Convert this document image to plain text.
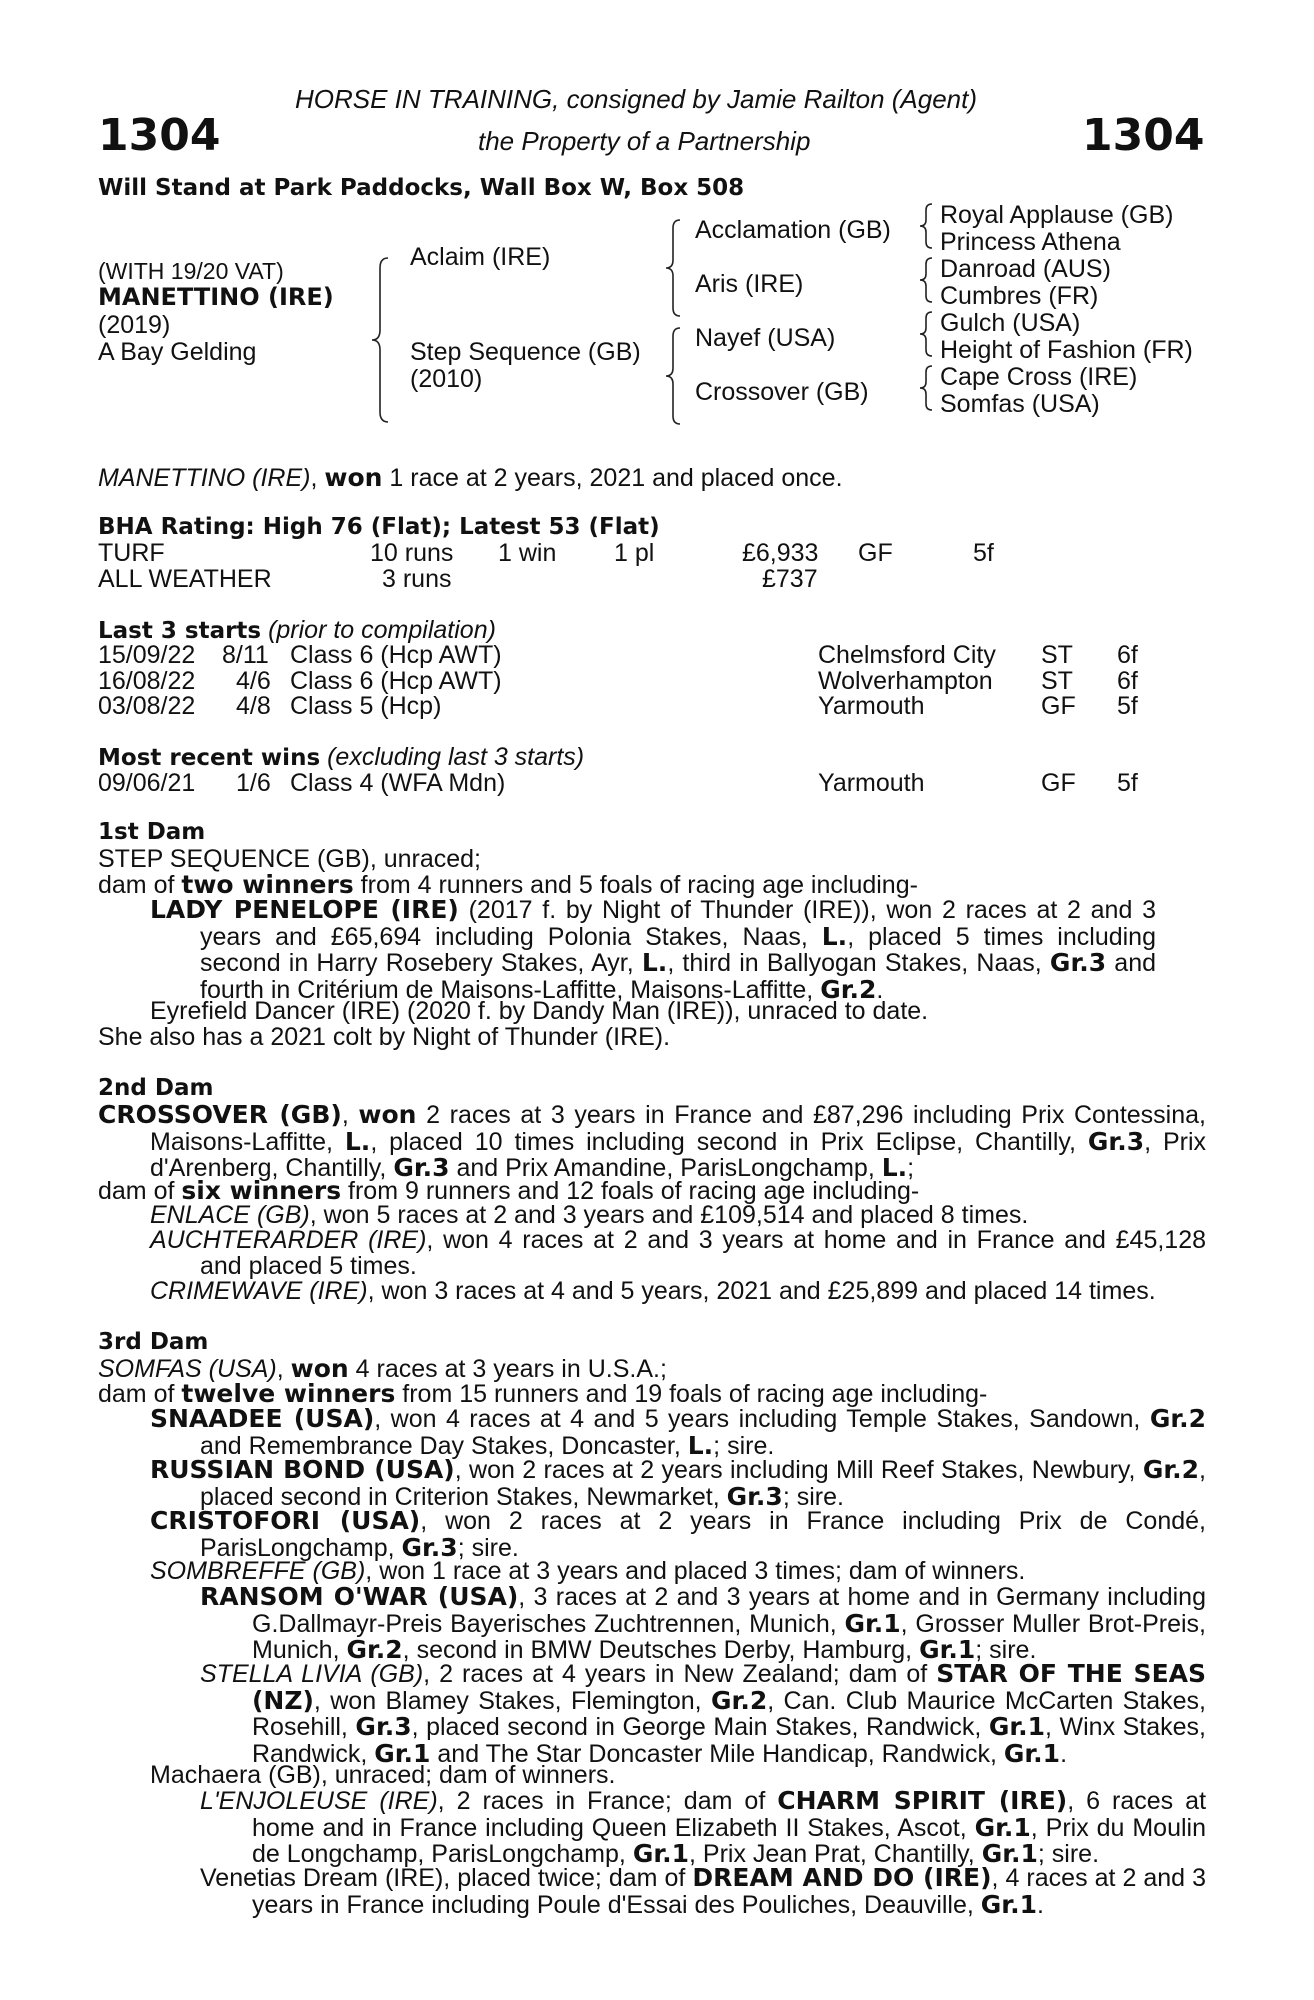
HORSE IN TRAINING, consigned by Jamie Railton (Agent)
the Property of a Partnership
1304	1304
Will Stand at Park Paddocks, Wall Box W, Box 508
(WITH 19/20 VAT)
MANETTINO (IRE)
(2019)
A Bay Gelding
Aclaim (IRE)
Step Sequence (GB)
(2010)
Acclamation (GB)
Aris (IRE)
Nayef (USA)
Crossover (GB)
Royal Applause (GB)
Princess Athena
Danroad (AUS)
Cumbres (FR)
Gulch (USA)
Height of Fashion (FR)
Cape Cross (IRE)
Somfas (USA)
MANETTINO (IRE), won 1 race at 2 years, 2021 and placed once.
BHA Rating: High 76 (Flat); Latest 53 (Flat)
TURF	10 runs 1 win 1 pl	£6,933 GF	5f
ALL WEATHER	3 runs	£737
Last 3 starts (prior to compilation)
15/09/22 8/11 Class 6 (Hcp AWT)	Chelmsford City ST 6f
16/08/22 4/6 Class 6 (Hcp AWT)	Wolverhampton ST 6f
03/08/22 4/8 Class 5 (Hcp)	Yarmouth	GF 5f
Most recent wins (excluding last 3 starts)
09/06/21 1/6 Class 4 (WFA Mdn)	Yarmouth	GF 5f
1st Dam
STEP SEQUENCE (GB), unraced;
dam of two winners from 4 runners and 5 foals of racing age including-
LADY PENELOPE (IRE) (2017 f. by Night of Thunder (IRE)), won 2 races at 2 and 3 years and £65,694 including Polonia Stakes, Naas, L., placed 5 times including second in Harry Rosebery Stakes, Ayr, L., third in Ballyogan Stakes, Naas, Gr.3 and fourth in Critérium de Maisons-Laffitte, Maisons-Laffitte, Gr.2.
Eyrefield Dancer (IRE) (2020 f. by Dandy Man (IRE)), unraced to date.
She also has a 2021 colt by Night of Thunder (IRE).
2nd Dam
CROSSOVER (GB), won 2 races at 3 years in France and £87,296 including Prix Contessina, Maisons-Laffitte, L., placed 10 times including second in Prix Eclipse, Chantilly, Gr.3, Prix d'Arenberg, Chantilly, Gr.3 and Prix Amandine, ParisLongchamp, L.;
dam of six winners from 9 runners and 12 foals of racing age including-
ENLACE (GB), won 5 races at 2 and 3 years and £109,514 and placed 8 times.
AUCHTERARDER (IRE), won 4 races at 2 and 3 years at home and in France and £45,128 and placed 5 times.
CRIMEWAVE (IRE), won 3 races at 4 and 5 years, 2021 and £25,899 and placed 14 times.
3rd Dam
SOMFAS (USA), won 4 races at 3 years in U.S.A.;
dam of twelve winners from 15 runners and 19 foals of racing age including-
SNAADEE (USA), won 4 races at 4 and 5 years including Temple Stakes, Sandown, Gr.2 and Remembrance Day Stakes, Doncaster, L.; sire.
RUSSIAN BOND (USA), won 2 races at 2 years including Mill Reef Stakes, Newbury, Gr.2, placed second in Criterion Stakes, Newmarket, Gr.3; sire.
CRISTOFORI (USA), won 2 races at 2 years in France including Prix de Condé, ParisLongchamp, Gr.3; sire.
SOMBREFFE (GB), won 1 race at 3 years and placed 3 times; dam of winners.
RANSOM O'WAR (USA), 3 races at 2 and 3 years at home and in Germany including G.Dallmayr-Preis Bayerisches Zuchtrennen, Munich, Gr.1, Grosser Muller Brot-Preis, Munich, Gr.2, second in BMW Deutsches Derby, Hamburg, Gr.1; sire.
STELLA LIVIA (GB), 2 races at 4 years in New Zealand; dam of STAR OF THE SEAS (NZ), won Blamey Stakes, Flemington, Gr.2, Can. Club Maurice McCarten Stakes, Rosehill, Gr.3, placed second in George Main Stakes, Randwick, Gr.1, Winx Stakes, Randwick, Gr.1 and The Star Doncaster Mile Handicap, Randwick, Gr.1.
Machaera (GB), unraced; dam of winners.
L'ENJOLEUSE (IRE), 2 races in France; dam of CHARM SPIRIT (IRE), 6 races at home and in France including Queen Elizabeth II Stakes, Ascot, Gr.1, Prix du Moulin de Longchamp, ParisLongchamp, Gr.1, Prix Jean Prat, Chantilly, Gr.1; sire.
Venetias Dream (IRE), placed twice; dam of DREAM AND DO (IRE), 4 races at 2 and 3 years in France including Poule d'Essai des Pouliches, Deauville, Gr.1.
